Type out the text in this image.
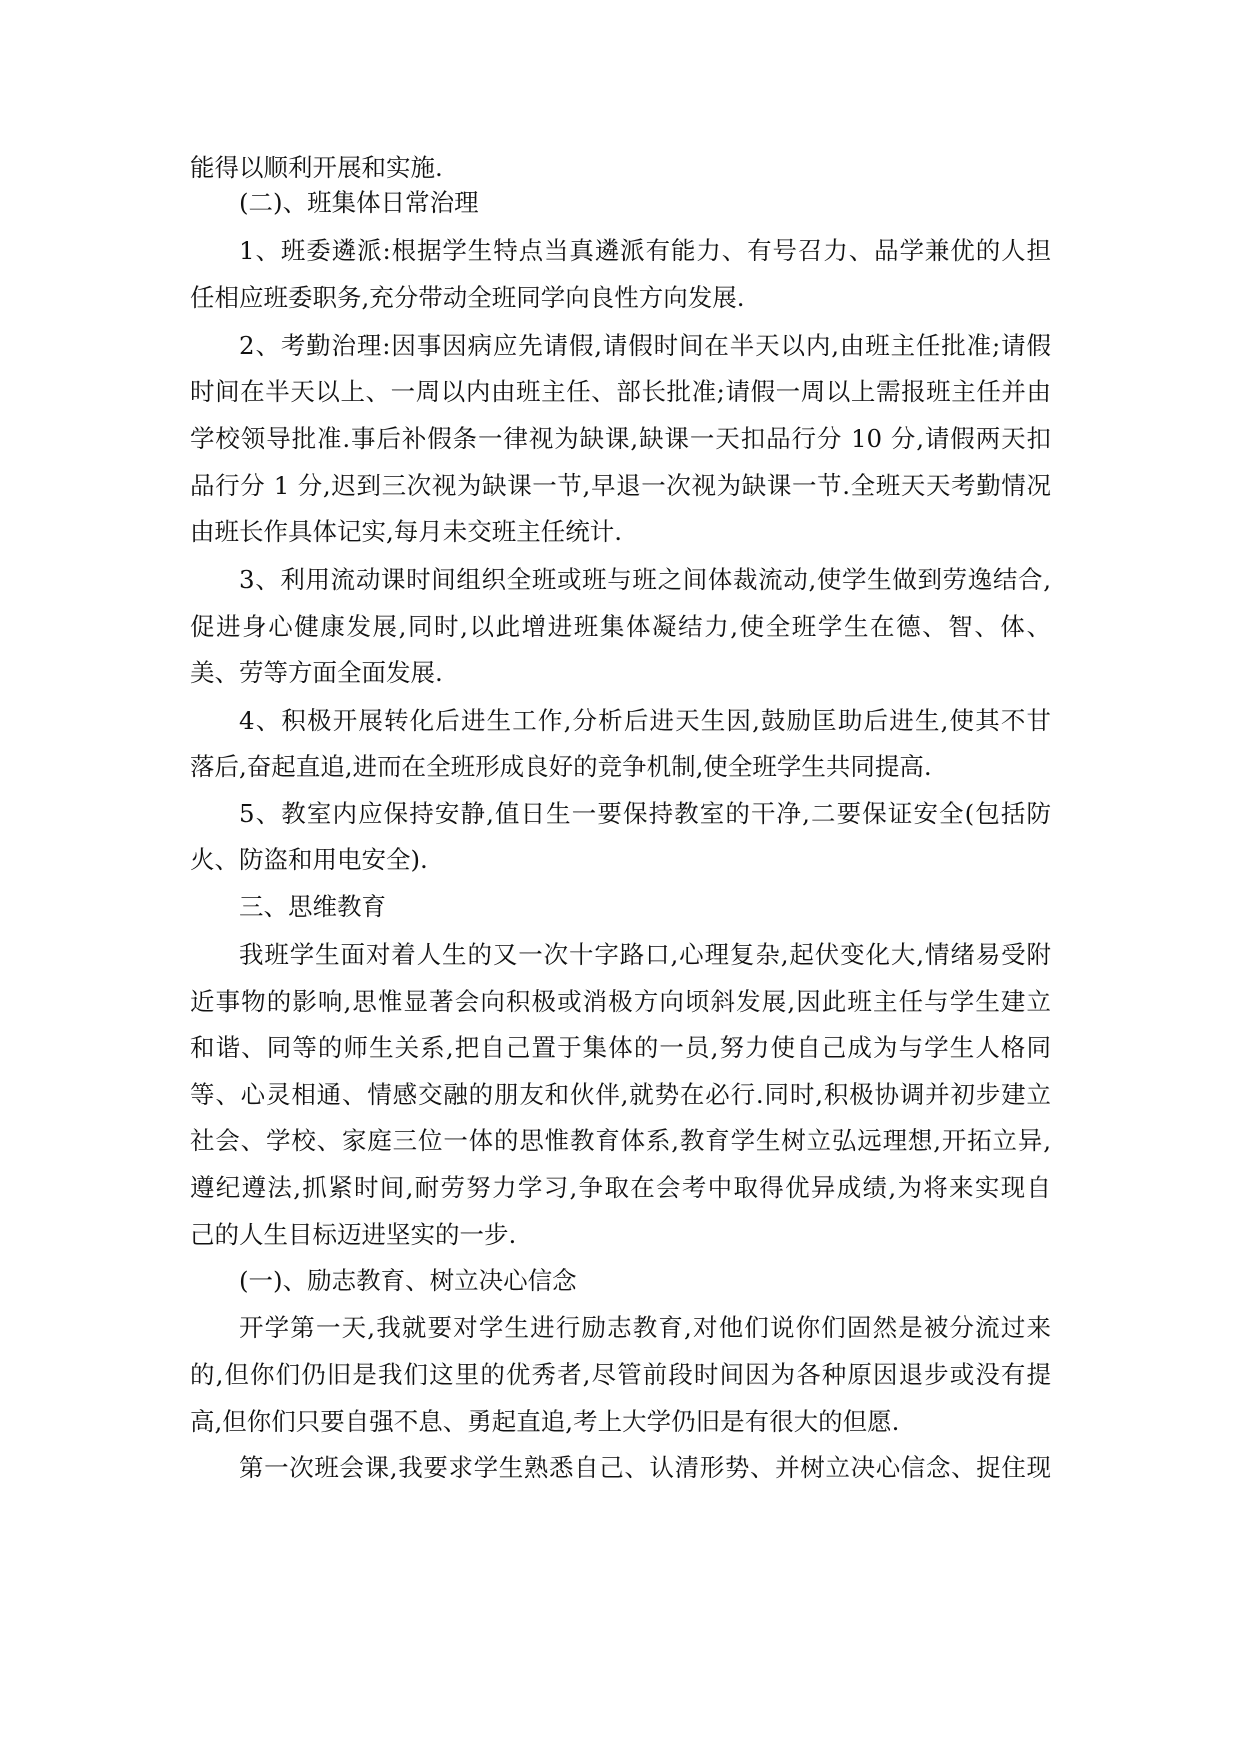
能得以顺利开展和实施.
(二)、班集体日常治理
1、班委遴派:根据学生特点当真遴派有能力、有号召力、品学兼优的人担
任相应班委职务,充分带动全班同学向良性方向发展.
2、考勤治理:因事因病应先请假,请假时间在半天以内,由班主任批准;请假
时间在半天以上、一周以内由班主任、部长批准;请假一周以上需报班主任并由
学校领导批准.事后补假条一律视为缺课,缺课一天扣品行分 10 分,请假两天扣
品行分 1 分,迟到三次视为缺课一节,早退一次视为缺课一节.全班天天考勤情况
由班长作具体记实,每月未交班主任统计.
3、利用流动课时间组织全班或班与班之间体裁流动,使学生做到劳逸结合,
促进身心健康发展,同时,以此增进班集体凝结力,使全班学生在德、智、体、
美、劳等方面全面发展.
4、积极开展转化后进生工作,分析后进天生因,鼓励匡助后进生,使其不甘
落后,奋起直追,进而在全班形成良好的竞争机制,使全班学生共同提高.
5、教室内应保持安静,值日生一要保持教室的干净,二要保证安全(包括防
火、防盗和用电安全).
三、思维教育
我班学生面对着人生的又一次十字路口,心理复杂,起伏变化大,情绪易受附
近事物的影响,思惟显著会向积极或消极方向顷斜发展,因此班主任与学生建立
和谐、同等的师生关系,把自己置于集体的一员,努力使自己成为与学生人格同
等、心灵相通、情感交融的朋友和伙伴,就势在必行.同时,积极协调并初步建立
社会、学校、家庭三位一体的思惟教育体系,教育学生树立弘远理想,开拓立异,
遵纪遵法,抓紧时间,耐劳努力学习,争取在会考中取得优异成绩,为将来实现自
己的人生目标迈进坚实的一步.
(一)、励志教育、树立决心信念
开学第一天,我就要对学生进行励志教育,对他们说你们固然是被分流过来
的,但你们仍旧是我们这里的优秀者,尽管前段时间因为各种原因退步或没有提
高,但你们只要自强不息、勇起直追,考上大学仍旧是有很大的但愿.
第一次班会课,我要求学生熟悉自己、认清形势、并树立决心信念、捉住现
